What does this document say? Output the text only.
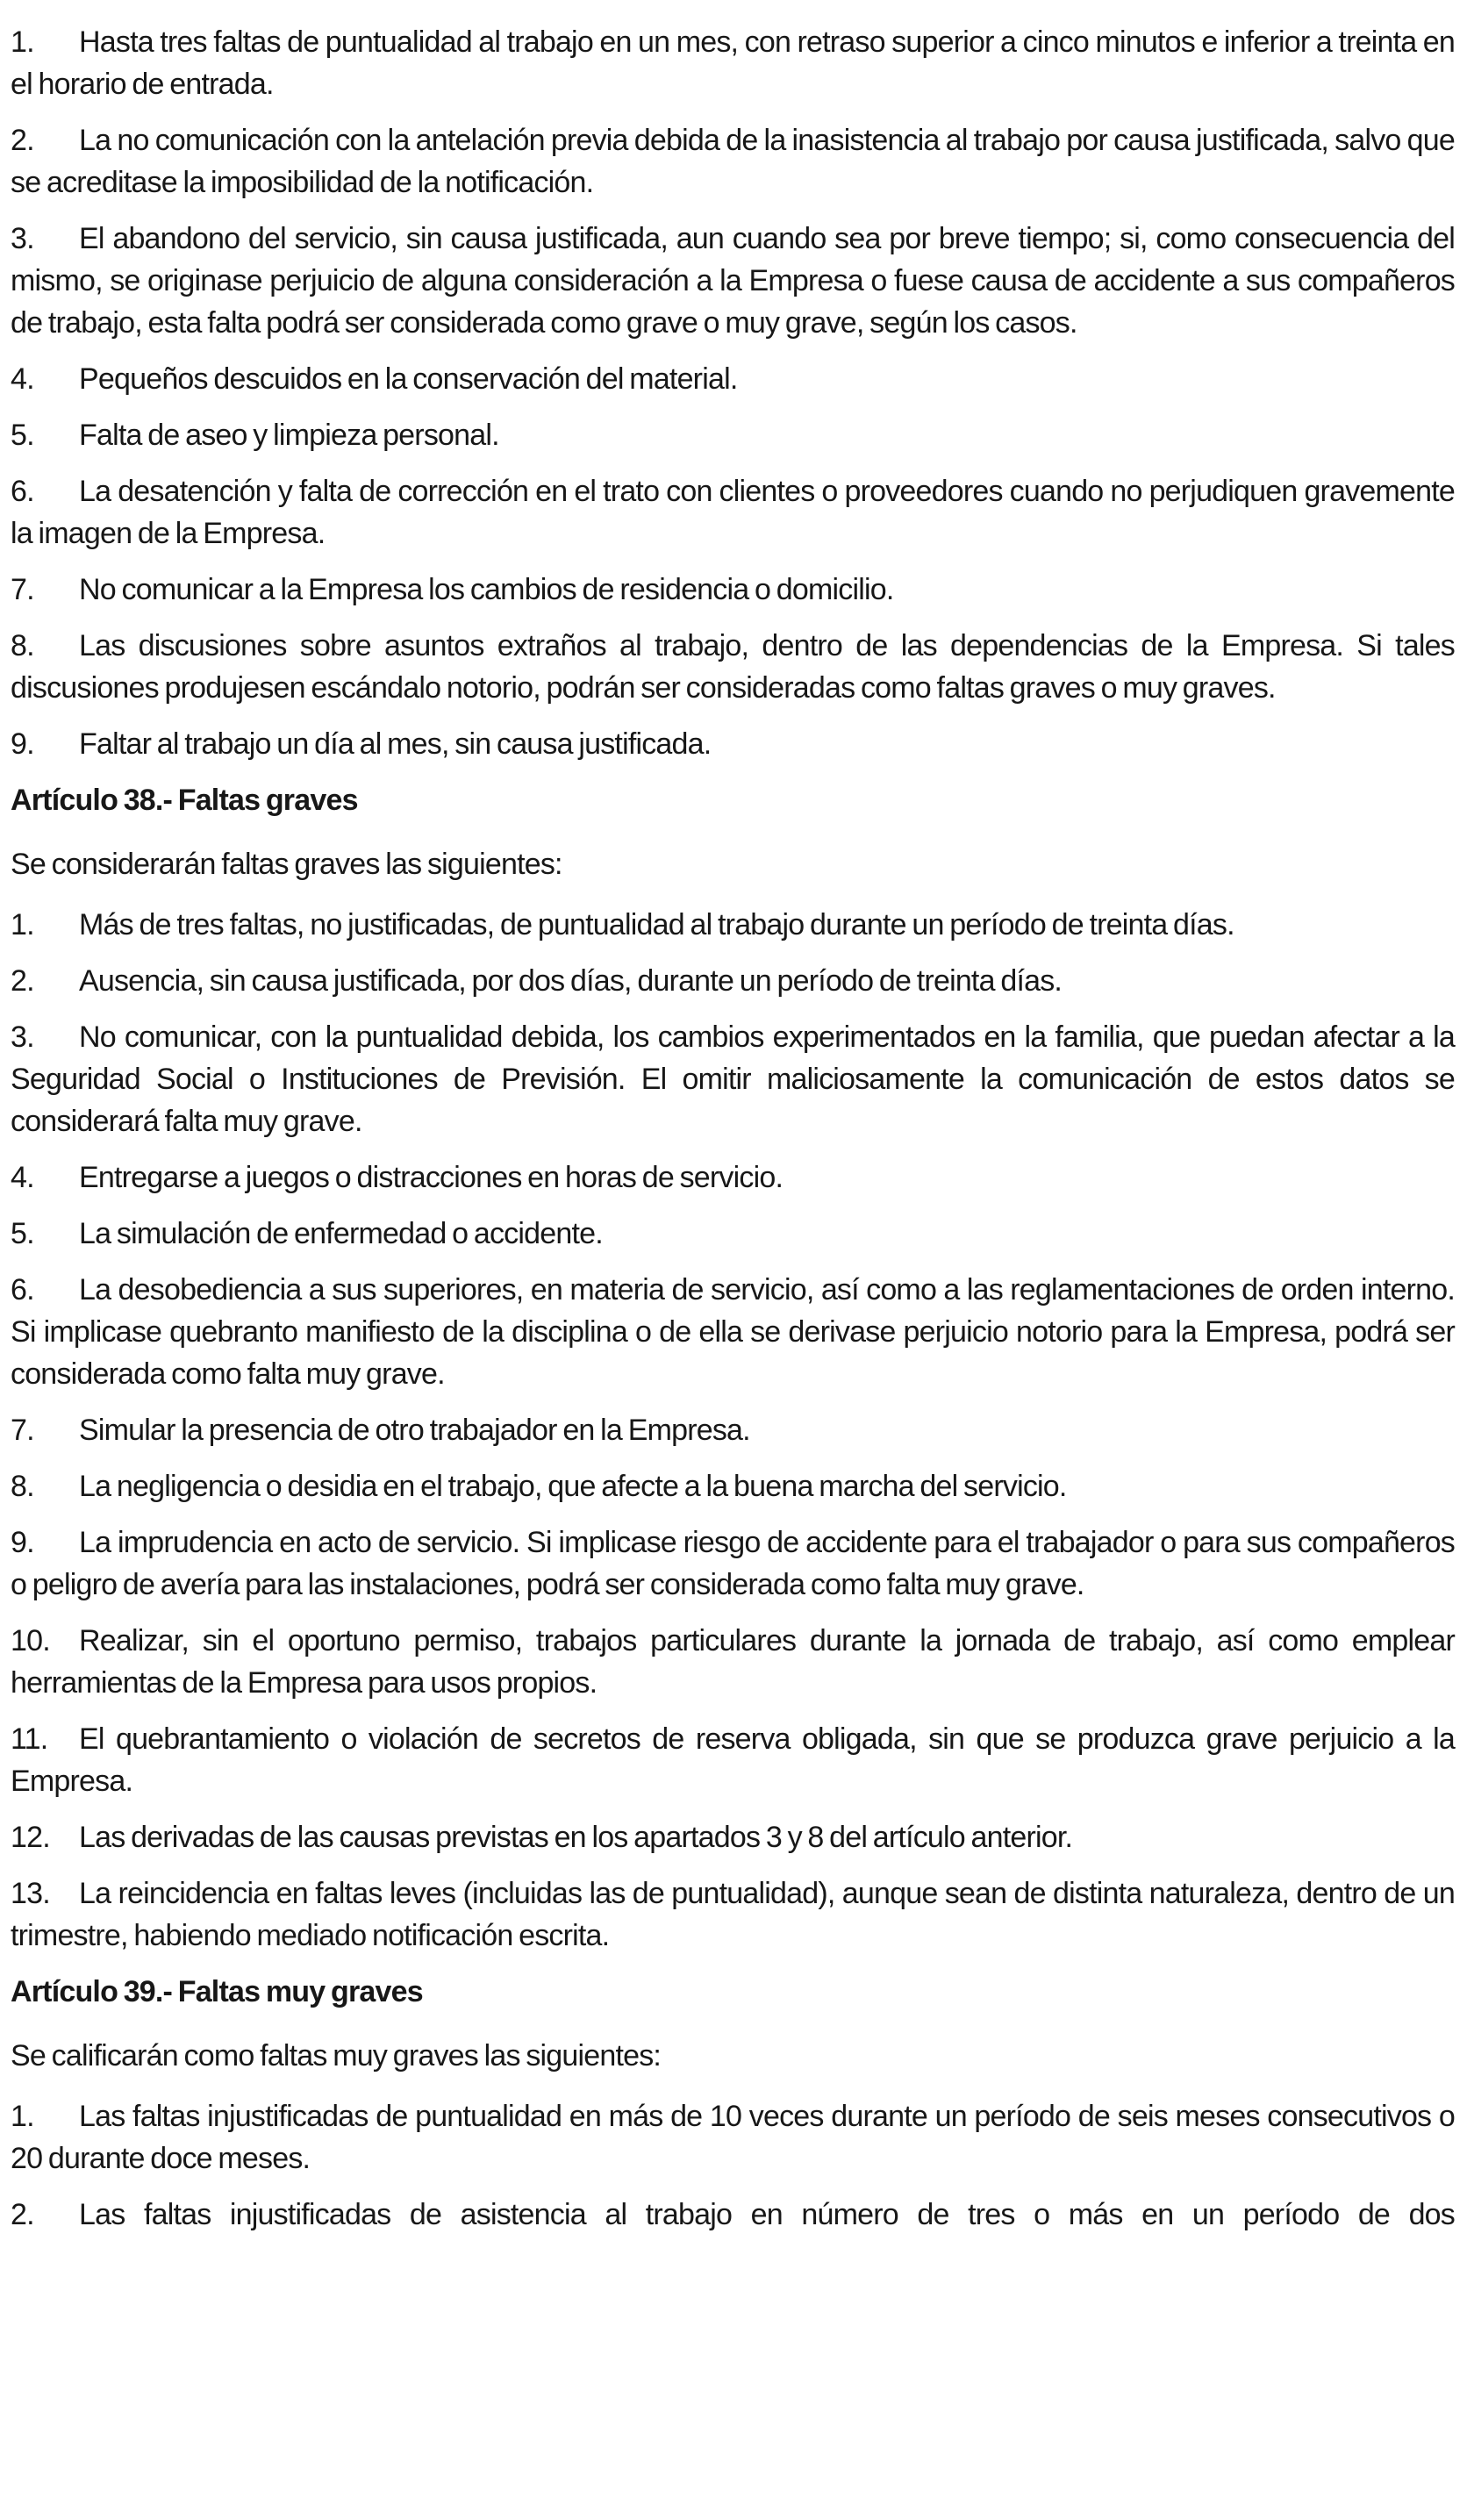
1. Hasta tres faltas de puntualidad al trabajo en un mes, con retraso superior a cinco minutos e inferior a treinta en el horario de entrada.

2. La no comunicación con la antelación previa debida de la inasistencia al trabajo por causa justificada, salvo que se acreditase la imposibilidad de la notificación.

3. El abandono del servicio, sin causa justificada, aun cuando sea por breve tiempo; si, como consecuencia del mismo, se originase perjuicio de alguna consideración a la Empresa o fuese causa de accidente a sus compañeros de trabajo, esta falta podrá ser considerada como grave o muy grave, según los casos.

4. Pequeños descuidos en la conservación del material.

5. Falta de aseo y limpieza personal.

6. La desatención y falta de corrección en el trato con clientes o proveedores cuando no perjudiquen gravemente la imagen de la Empresa.

7. No comunicar a la Empresa los cambios de residencia o domicilio.

8. Las discusiones sobre asuntos extraños al trabajo, dentro de las dependencias de la Empresa. Si tales discusiones produjesen escándalo notorio, podrán ser consideradas como faltas graves o muy graves.

9. Faltar al trabajo un día al mes, sin causa justificada.

Artículo 38.- Faltas graves

Se considerarán faltas graves las siguientes:

1. Más de tres faltas, no justificadas, de puntualidad al trabajo durante un período de treinta días.

2. Ausencia, sin causa justificada, por dos días, durante un período de treinta días.

3. No comunicar, con la puntualidad debida, los cambios experimentados en la familia, que puedan afectar a la Seguridad Social o Instituciones de Previsión. El omitir maliciosamente la comunicación de estos datos se considerará falta muy grave.

4. Entregarse a juegos o distracciones en horas de servicio.

5. La simulación de enfermedad o accidente.

6. La desobediencia a sus superiores, en materia de servicio, así como a las reglamentaciones de orden interno. Si implicase quebranto manifiesto de la disciplina o de ella se derivase perjuicio notorio para la Empresa, podrá ser considerada como falta muy grave.

7. Simular la presencia de otro trabajador en la Empresa.

8. La negligencia o desidia en el trabajo, que afecte a la buena marcha del servicio.

9. La imprudencia en acto de servicio. Si implicase riesgo de accidente para el trabajador o para sus compañeros o peligro de avería para las instalaciones, podrá ser considerada como falta muy grave.

10. Realizar, sin el oportuno permiso, trabajos particulares durante la jornada de trabajo, así como emplear herramientas de la Empresa para usos propios.

11. El quebrantamiento o violación de secretos de reserva obligada, sin que se produzca grave perjuicio a la Empresa.

12. Las derivadas de las causas previstas en los apartados 3 y 8 del artículo anterior.

13. La reincidencia en faltas leves (incluidas las de puntualidad), aunque sean de distinta naturaleza, dentro de un trimestre, habiendo mediado notificación escrita.

Artículo 39.- Faltas muy graves

Se calificarán como faltas muy graves las siguientes:

1. Las faltas injustificadas de puntualidad en más de 10 veces durante un período de seis meses consecutivos o 20 durante doce meses.

2. Las faltas injustificadas de asistencia al trabajo en número de tres o más en un período de dos
